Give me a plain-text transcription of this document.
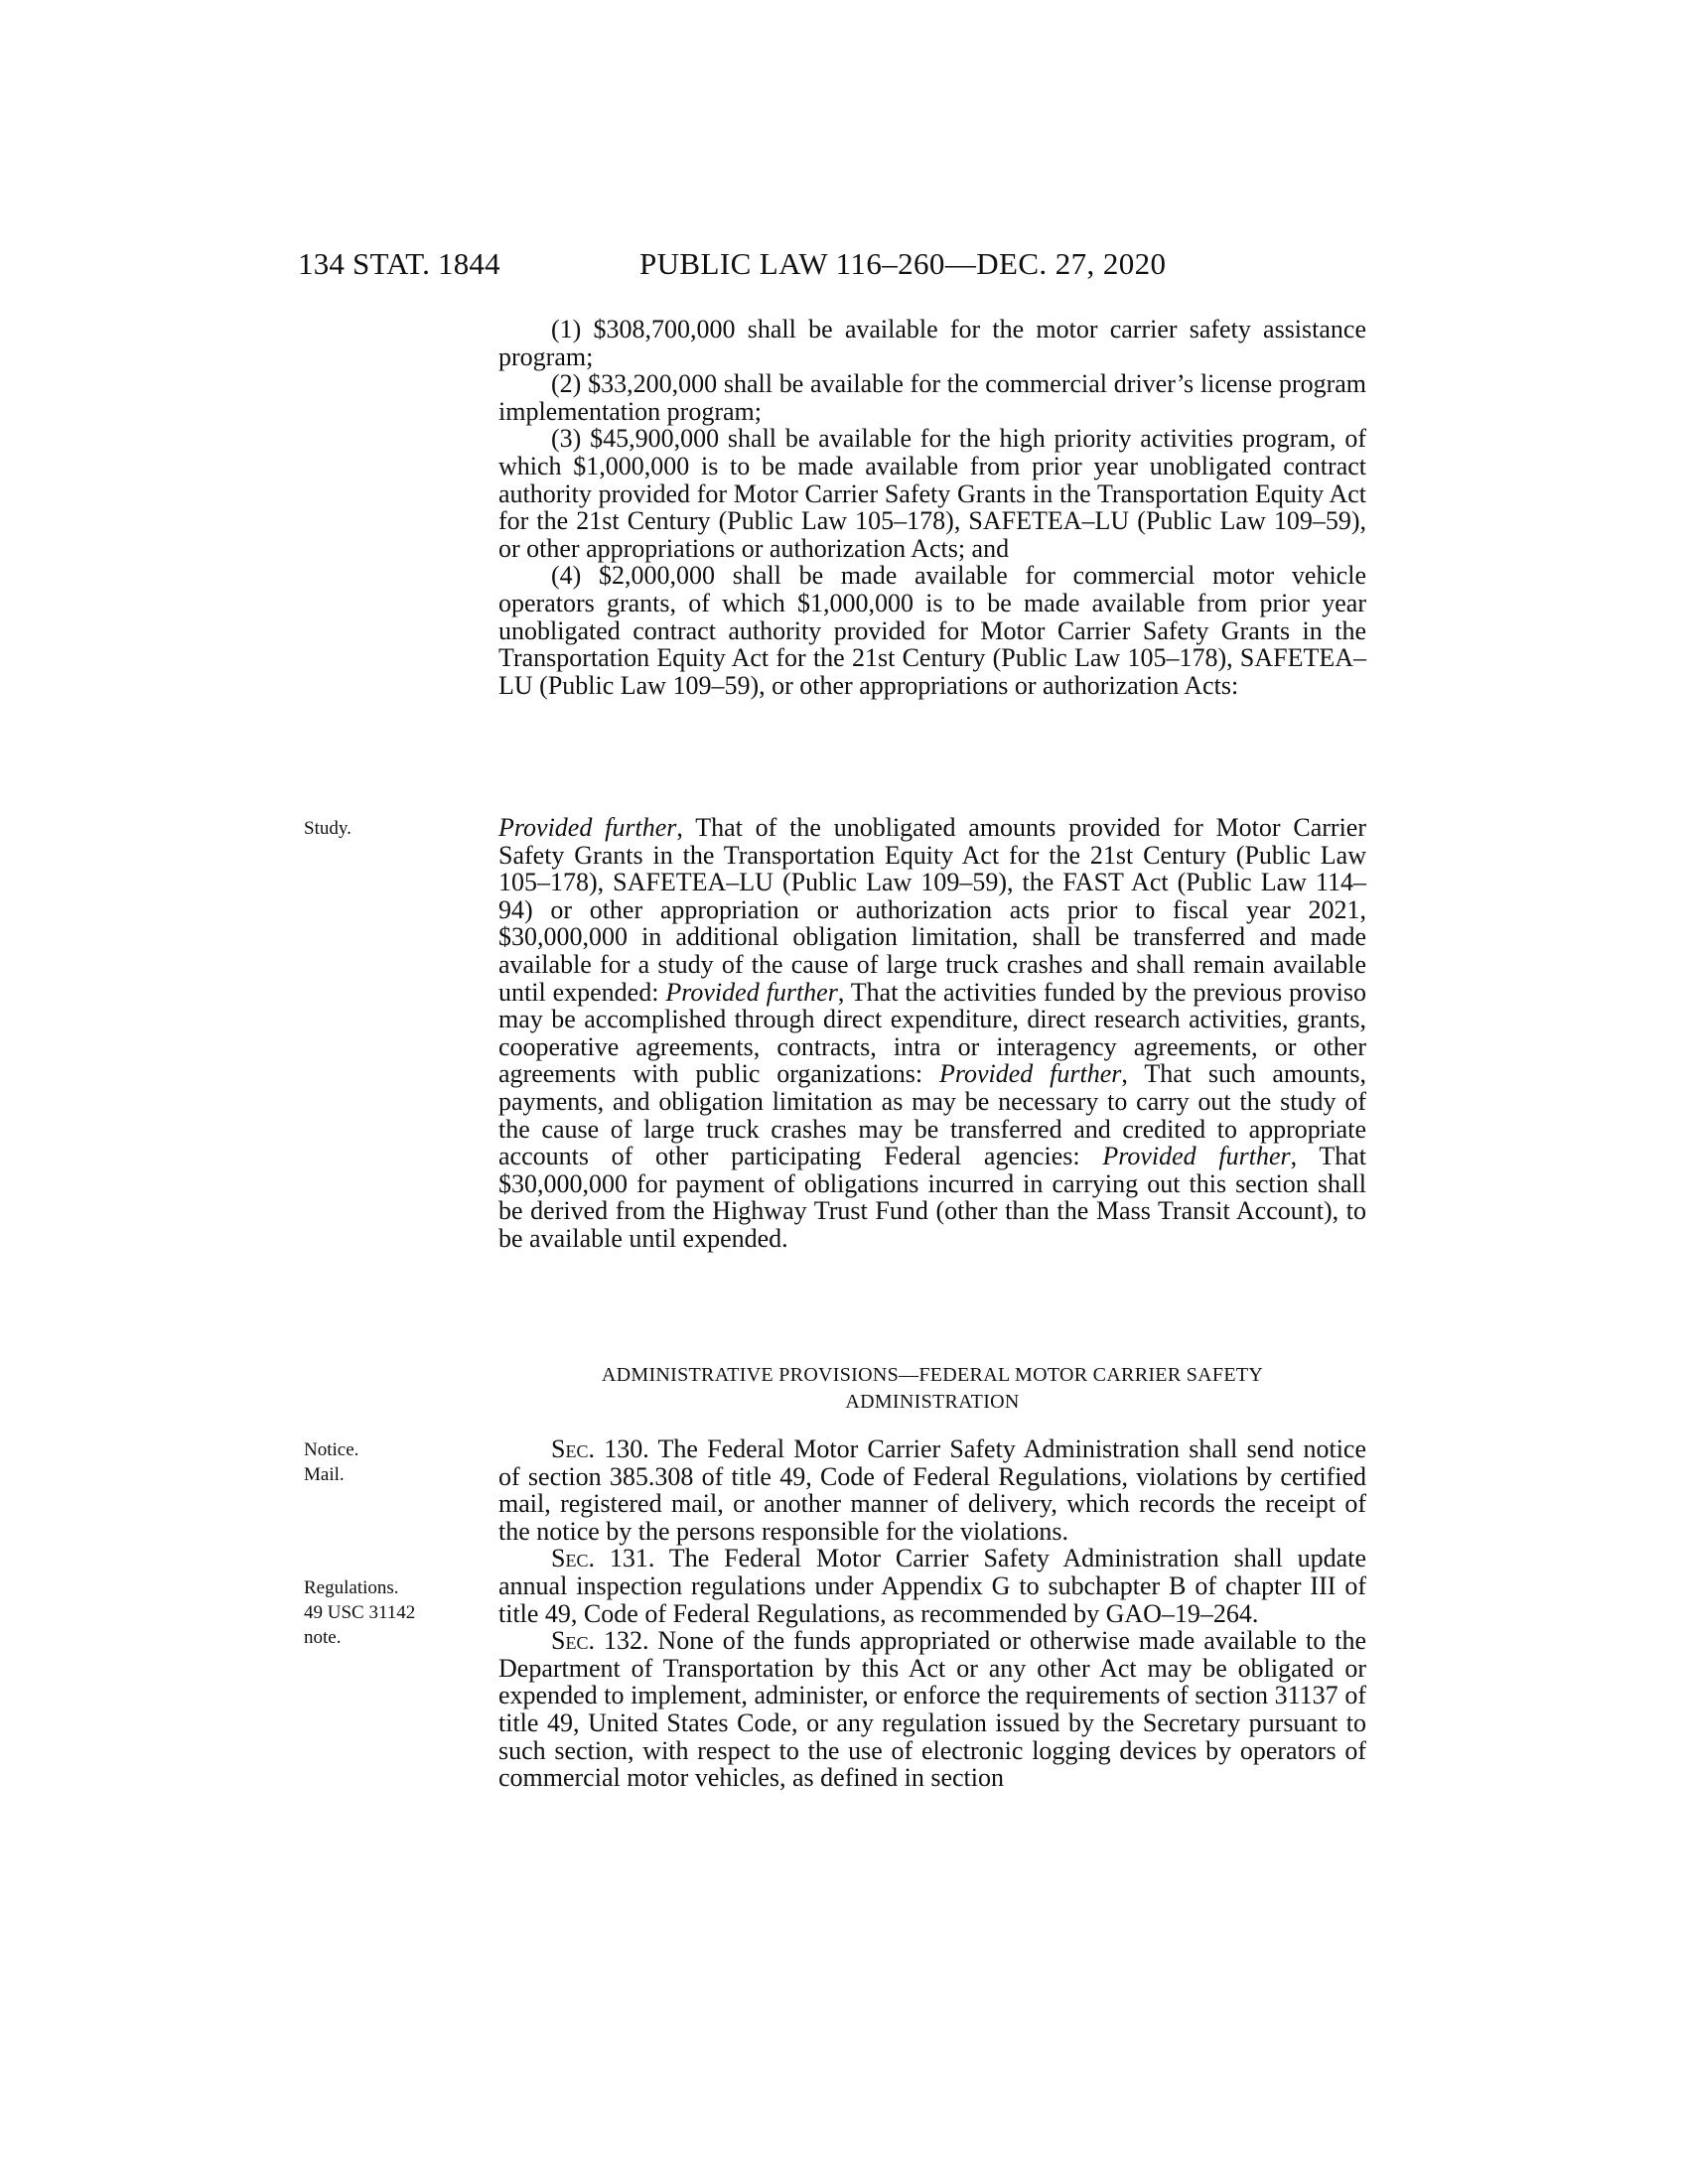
134 STAT. 1844	PUBLIC LAW 116–260—DEC. 27, 2020

(1) $308,700,000 shall be available for the motor carrier safety assistance program;

(2) $33,200,000 shall be available for the commercial driver’s license program implementation program;

(3) $45,900,000 shall be available for the high priority activities program, of which $1,000,000 is to be made available from prior year unobligated contract authority provided for Motor Carrier Safety Grants in the Transportation Equity Act for the 21st Century (Public Law 105–178), SAFETEA–LU (Public Law 109–59), or other appropriations or authorization Acts; and

(4) $2,000,000 shall be made available for commercial motor vehicle operators grants, of which $1,000,000 is to be made available from prior year unobligated contract authority provided for Motor Carrier Safety Grants in the Transportation Equity Act for the 21st Century (Public Law 105–178), SAFETEA–LU (Public Law 109–59), or other appropriations or authorization Acts:

Study.	Provided further, That of the unobligated amounts provided for Motor Carrier Safety Grants in the Transportation Equity Act for the 21st Century (Public Law 105–178), SAFETEA–LU (Public Law 109–59), the FAST Act (Public Law 114–94) or other appropriation or authorization acts prior to fiscal year 2021, $30,000,000 in additional obligation limitation, shall be transferred and made available for a study of the cause of large truck crashes and shall remain available until expended: Provided further, That the activities funded by the previous proviso may be accomplished through direct expenditure, direct research activities, grants, cooperative agreements, contracts, intra or interagency agreements, or other agreements with public organizations: Provided further, That such amounts, payments, and obligation limitation as may be necessary to carry out the study of the cause of large truck crashes may be transferred and credited to appropriate accounts of other participating Federal agencies: Provided further, That $30,000,000 for payment of obligations incurred in carrying out this section shall be derived from the Highway Trust Fund (other than the Mass Transit Account), to be available until expended.

ADMINISTRATIVE PROVISIONS—FEDERAL MOTOR CARRIER SAFETY
ADMINISTRATION
Notice.
Mail.
Regulations.
49 USC 31142
note.

Sec. 130. The Federal Motor Carrier Safety Administration shall send notice of section 385.308 of title 49, Code of Federal Regulations, violations by certified mail, registered mail, or another manner of delivery, which records the receipt of the notice by the persons responsible for the violations.

Sec. 131. The Federal Motor Carrier Safety Administration shall update annual inspection regulations under Appendix G to subchapter B of chapter III of title 49, Code of Federal Regulations, as recommended by GAO–19–264.

Sec. 132. None of the funds appropriated or otherwise made available to the Department of Transportation by this Act or any other Act may be obligated or expended to implement, administer, or enforce the requirements of section 31137 of title 49, United States Code, or any regulation issued by the Secretary pursuant to such section, with respect to the use of electronic logging devices by operators of commercial motor vehicles, as defined in section
